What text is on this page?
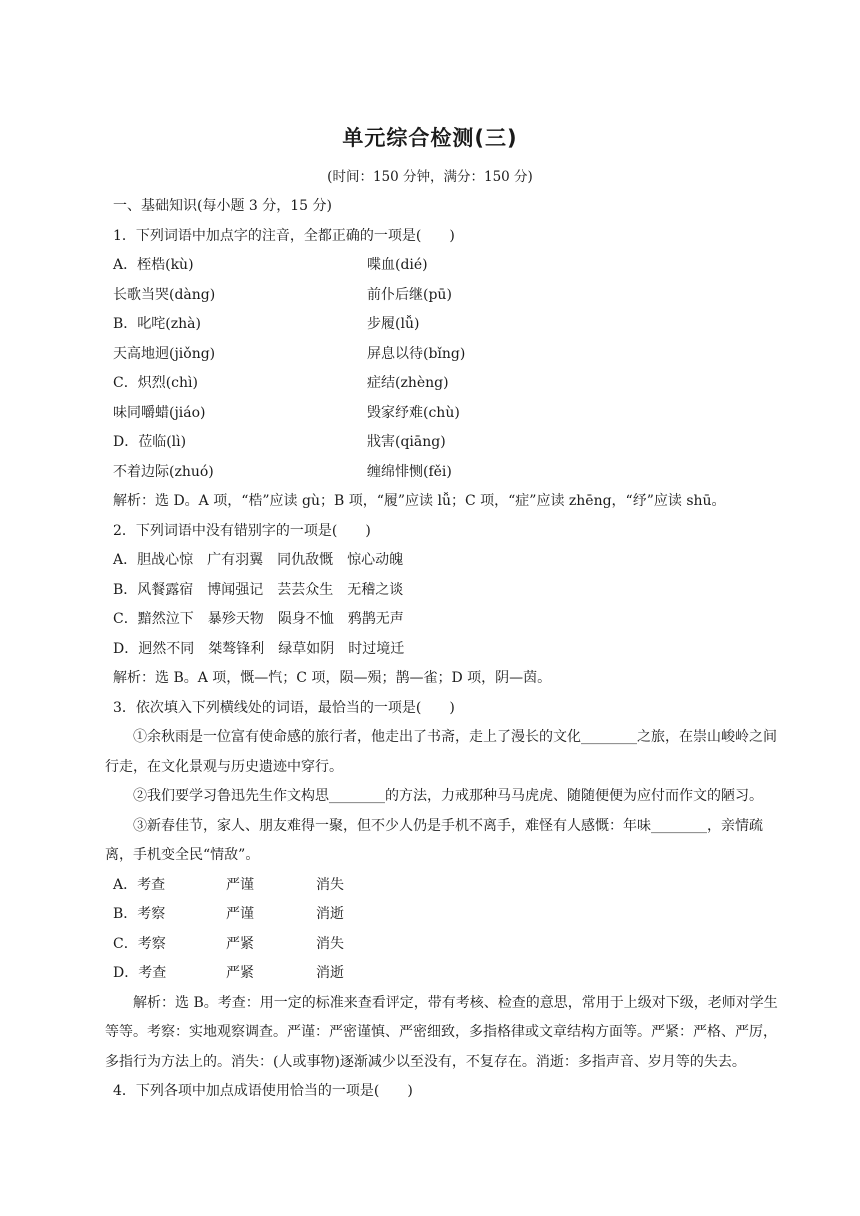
单元综合检测(三)
(时间：150 分钟，满分：150 分)
一、基础知识(每小题 3 分，15 分)
1．下列词语中加点字的注音，全都正确的一项是(　　)
A．桎梏(kù)	喋血(dié)
长歌当哭(dàng)	前仆后继(pū)
B．叱咤(zhà)	步履(lǚ)
天高地迥(jiǒng)	屏息以待(bǐng)
C．炽烈(chì)	症结(zhèng)
味同嚼蜡(jiáo)	毁家纾难(chù)
D．莅临(lì)	戕害(qiāng)
不着边际(zhuó)	缠绵悱恻(fěi)
解析：选 D。A 项，“梏”应读 gù；B 项，“履”应读 lǚ；C 项，“症”应读 zhēng，“纾”应读 shū。
2．下列词语中没有错别字的一项是(　　)
A．胆战心惊　广有羽翼　同仇敌慨　惊心动魄
B．风餐露宿　博闻强记　芸芸众生　无稽之谈
C．黯然泣下　暴殄天物　陨身不恤　鸦鹊无声
D．迥然不同　桀骜锋利　绿草如阴　时过境迁
解析：选 B。A 项，慨—忾；C 项，陨—殒；鹊—雀；D 项，阴—茵。
3．依次填入下列横线处的词语，最恰当的一项是(　　)
①余秋雨是一位富有使命感的旅行者，他走出了书斋，走上了漫长的文化________之旅，在崇山峻岭之间行走，在文化景观与历史遗迹中穿行。
②我们要学习鲁迅先生作文构思________的方法，力戒那种马马虎虎、随随便便为应付而作文的陋习。
③新春佳节，家人、朋友难得一聚，但不少人仍是手机不离手，难怪有人感慨：年味________，亲情疏离，手机变全民“情敌”。
A．考查	严谨	消失
B．考察	严谨	消逝
C．考察	严紧	消失
D．考查	严紧	消逝
解析：选 B。考查：用一定的标准来查看评定，带有考核、检查的意思，常用于上级对下级，老师对学生等等。考察：实地观察调查。严谨：严密谨慎、严密细致，多指格律或文章结构方面等。严紧：严格、严厉，多指行为方法上的。消失：(人或事物)逐渐减少以至没有，不复存在。消逝：多指声音、岁月等的失去。
4．下列各项中加点成语使用恰当的一项是(　　)
